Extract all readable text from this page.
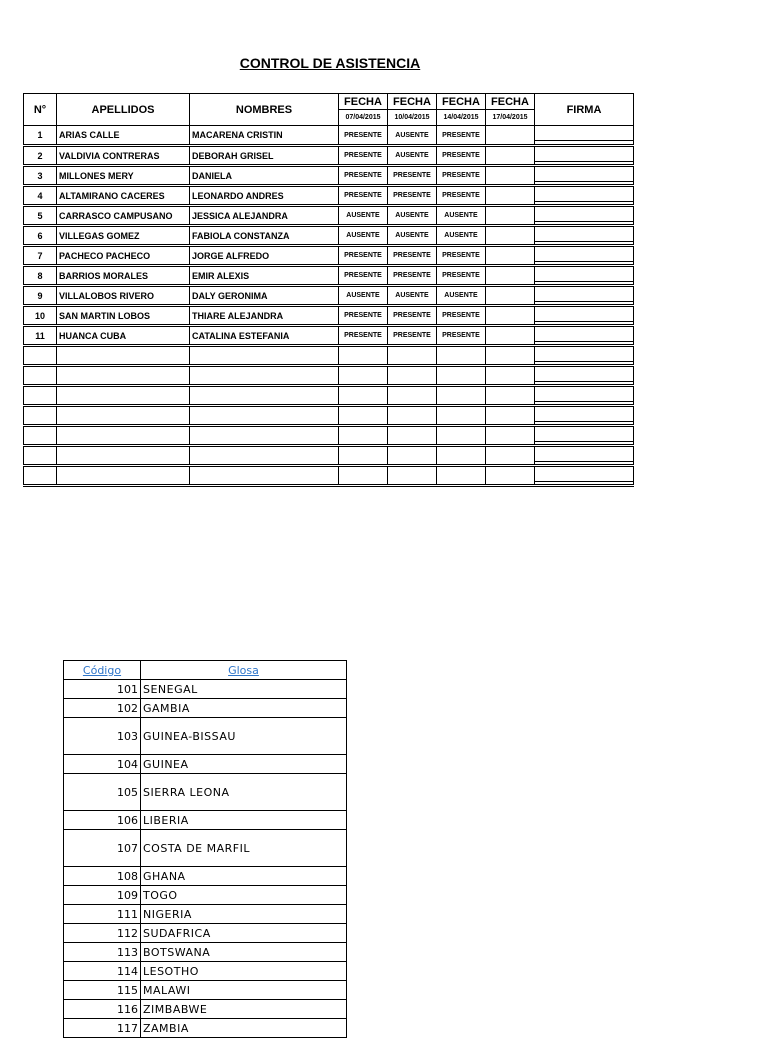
CONTROL DE ASISTENCIA
N°	APELLIDOS	NOMBRES	FECHA	FECHA	FECHA	FECHA	FIRMA
			07/04/2015	10/04/2015	14/04/2015	17/04/2015	
1	ARIAS CALLE	MACARENA CRISTIN	PRESENTE	AUSENTE	PRESENTE		

2	VALDIVIA CONTRERAS	DEBORAH GRISEL	PRESENTE	AUSENTE	PRESENTE		

3	MILLONES MERY	DANIELA	PRESENTE	PRESENTE	PRESENTE		

4	ALTAMIRANO CACERES	LEONARDO ANDRES	PRESENTE	PRESENTE	PRESENTE		

5	CARRASCO CAMPUSANO	JESSICA ALEJANDRA	AUSENTE	AUSENTE	AUSENTE		

6	VILLEGAS GOMEZ	FABIOLA CONSTANZA	AUSENTE	AUSENTE	AUSENTE		

7	PACHECO PACHECO	JORGE ALFREDO	PRESENTE	PRESENTE	PRESENTE		

8	BARRIOS MORALES	EMIR ALEXIS	PRESENTE	PRESENTE	PRESENTE		

9	VILLALOBOS RIVERO	DALY GERONIMA	AUSENTE	AUSENTE	AUSENTE		

10	SAN MARTIN LOBOS	THIARE ALEJANDRA	PRESENTE	PRESENTE	PRESENTE		

11	HUANCA CUBA	CATALINA ESTEFANIA	PRESENTE	PRESENTE	PRESENTE		

Código	Glosa
101	SENEGAL
102	GAMBIA
103	GUINEA-BISSAU
104	GUINEA
105	SIERRA LEONA
106	LIBERIA
107	COSTA DE MARFIL
108	GHANA
109	TOGO
111	NIGERIA
112	SUDAFRICA
113	BOTSWANA
114	LESOTHO
115	MALAWI
116	ZIMBABWE
117	ZAMBIA
